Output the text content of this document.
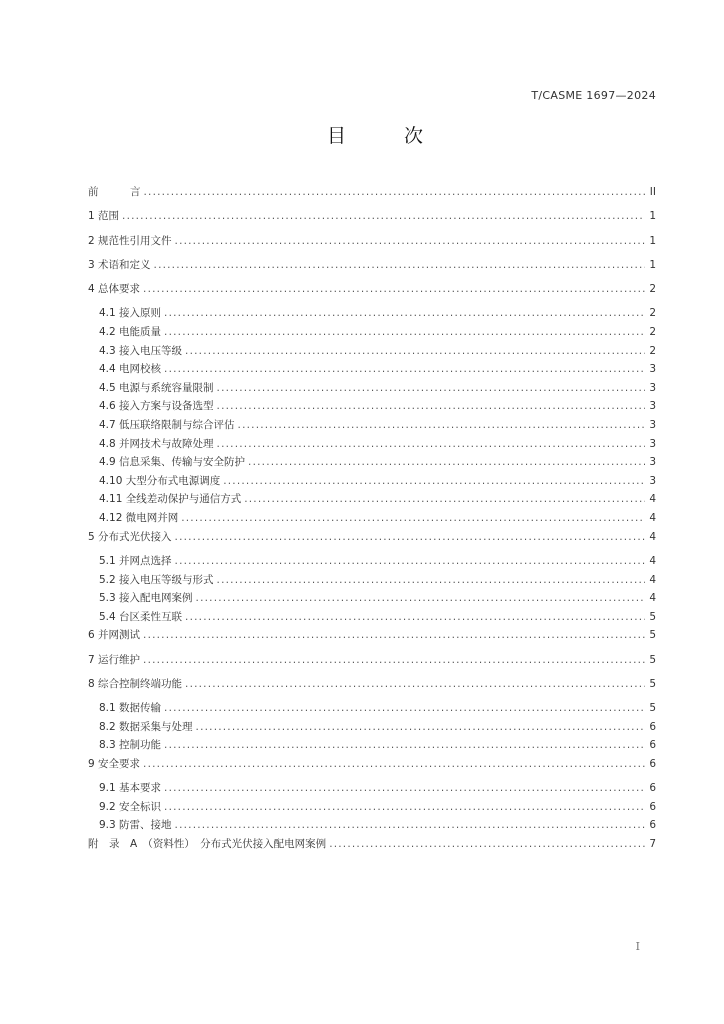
T/CASME 1697—2024
目 次
前　　　言 .....	II
1 范围 .....	1
2 规范性引用文件 .....	1
3 术语和定义 .....	1
4 总体要求 .....	2
4.1 接入原则 .....	2
4.2 电能质量 .....	2
4.3 接入电压等级 .....	2
4.4 电网校核 .....	3
4.5 电源与系统容量限制 .....	3
4.6 接入方案与设备选型 .....	3
4.7 低压联络限制与综合评估 .....	3
4.8 并网技术与故障处理 .....	3
4.9 信息采集、传输与安全防护 .....	3
4.10 大型分布式电源调度 .....	3
4.11 全线差动保护与通信方式 .....	4
4.12 微电网并网 .....	4
5 分布式光伏接入 .....	4
5.1 并网点选择 .....	4
5.2 接入电压等级与形式 .....	4
5.3 接入配电网案例 .....	4
5.4 台区柔性互联 .....	5
6 并网测试 .....	5
7 运行维护 .....	5
8 综合控制终端功能 .....	5
8.1 数据传输 .....	5
8.2 数据采集与处理 .....	6
8.3 控制功能 .....	6
9 安全要求 .....	6
9.1 基本要求 .....	6
9.2 安全标识 .....	6
9.3 防雷、接地 .....	6
附　录　A　（资料性）　分布式光伏接入配电网案例 .....	7
I
